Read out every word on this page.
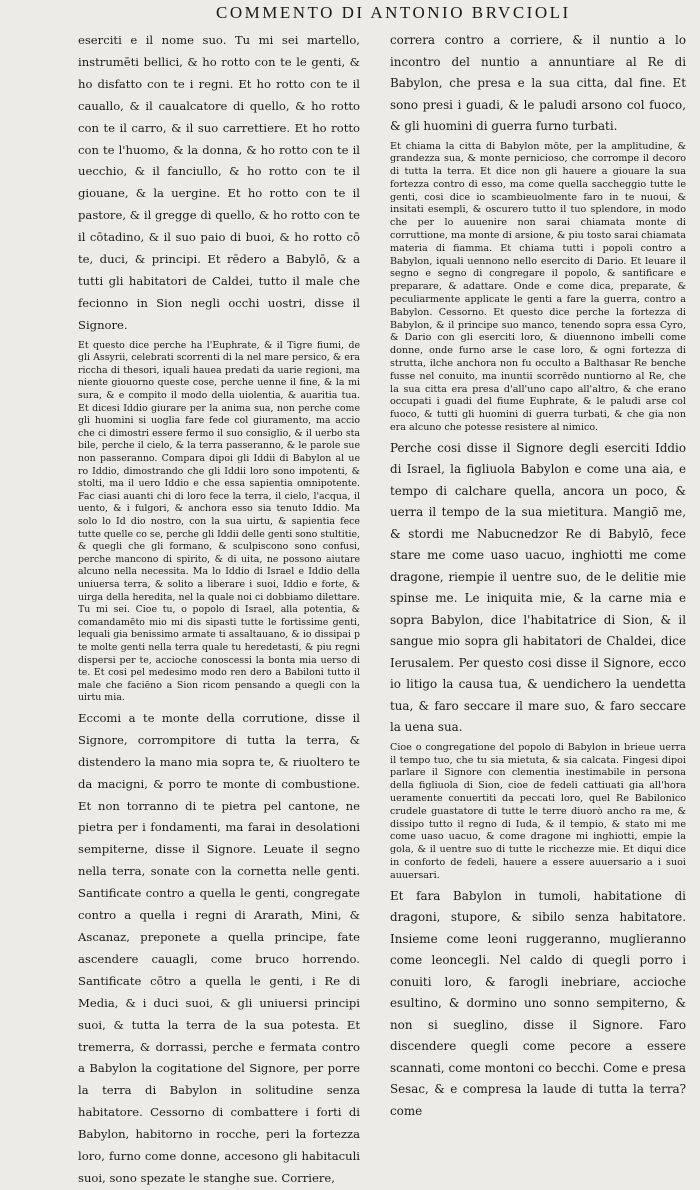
COMMENTO DI ANTONIO BRVCIOLI

eserciti e il nome suo. Tu mi sei martello, instrumēti bellici, & ho rotto con te le genti, & ho disfatto con te i regni. Et ho rotto con te il cauallo, & il caualcatore di quello, & ho rotto con te il carro, & il suo carrettiere. Et ho rotto con te l'huomo, & la donna, & ho rotto con te il uecchio, & il fanciullo, & ho rotto con te il giouane, & la uergine. Et ho rotto con te il pastore, & il gregge di quello, & ho rotto con te il cōtadino, & il suo paio di buoi, & ho rotto cō te, duci, & principi. Et rēdero a Babylō, & a tutti gli habitatori de Caldei, tutto il male che fecionno in Sion negli occhi uostri, disse il Signore.

Et questo dice perche ha l'Euphrate, & il Tigre fiumi, de gli Assyrii, celebrati scorrenti di la nel mare persico, & era riccha di thesori, iquali hauea predati da uarie regioni, ma niente giouorno queste cose, perche uenne il fine, & la mi sura, & e compito il modo della uiolentia, & auaritia tua. Et dicesi Iddio giurare per la anima sua, non perche come gli huomini si uoglia fare fede col giuramento, ma accio che ci dimostri essere fermo il suo consiglio, & il uerbo sta bile, perche il cielo, & la terra passeranno, & le parole sue non passeranno. Compara dipoi gli Iddii di Babylon al ue ro Iddio, dimostrando che gli Iddii loro sono impotenti, & stolti, ma il uero Iddio e che essa sapientia omnipotente. Fac ciasi auanti chi di loro fece la terra, il cielo, l'acqua, il uento, & i fulgori, & anchora esso sia tenuto Iddio. Ma solo lo Id dio nostro, con la sua uirtu, & sapientia fece tutte quelle co se, perche gli Iddii delle genti sono stultitie, & quegli che gli formano, & sculpiscono sono confusi, perche mancono di spirito, & di uita, ne possono aiutare alcuno nella necessita. Ma lo Iddio di Israel e Iddio della uniuersa terra, & solito a liberare i suoi, Iddio e forte, & uirga della heredita, nel la quale noi ci dobbiamo dilettare. Tu mi sei. Cioe tu, o popolo di Israel, alla potentia, & comandamēto mio mi dis sipasti tutte le fortissime genti, lequali gia benissimo armate ti assaltauano, & io dissipai p te molte genti nella terra quale tu heredetasti, & piu regni dispersi per te, accioche conoscessi la bonta mia uerso di te. Et cosi pel medesimo modo ren dero a Babiloni tutto il male che faciēno a Sion ricom pensando a quegli con la uirtu mia.

Eccomi a te monte della corrutione, disse il Signore, corrompitore di tutta la terra, & distendero la mano mia sopra te, & riuoltero te da macigni, & porro te monte di combustione. Et non torranno di te pietra pel cantone, ne pietra per i fondamenti, ma farai in desolationi sempiterne, disse il Signore. Leuate il segno nella terra, sonate con la cornetta nelle genti. Santificate contro a quella le genti, congregate contro a quella i regni di Ararath, Mini, & Ascanaz, preponete a quella principe, fate ascendere cauagli, come bruco horrendo. Santificate cōtro a quella le genti, i Re di Media, & i duci suoi, & gli uniuersi principi suoi, & tutta la terra de la sua potesta. Et tremerra, & dorrassi, perche e fermata contro a Babylon la cogitatione del Signore, per porre la terra di Babylon in solitudine senza habitatore. Cessorno di combattere i forti di Babylon, habitorno in rocche, peri la fortezza loro, furno come donne, accesono gli habitaculi suoi, sono spezate le stanghe sue. Corriere,

correra contro a corriere, & il nuntio a lo incontro del nuntio a annuntiare al Re di Babylon, che presa e la sua citta, dal fine. Et sono presi i guadi, & le paludi arsono col fuoco, & gli huomini di guerra furno turbati.

Et chiama la citta di Babylon mōte, per la amplitudine, & grandezza sua, & monte pernicioso, che corrompe il decoro di tutta la terra. Et dice non gli hauere a giouare la sua fortezza contro di esso, ma come quella saccheggio tutte le genti, cosi dice io scambieuolmente faro in te nuoui, & insitati esempli, & oscurero tutto il tuo splendore, in modo che per lo auuenire non sarai chiamata monte di corruttione, ma monte di arsione, & piu tosto sarai chiamata materia di fiamma. Et chiama tutti i popoli contro a Babylon, iquali uennono nello esercito di Dario. Et leuare il segno e segno di congregare il popolo, & santificare e preparare, & adattare. Onde e come dica, preparate, & peculiarmente applicate le genti a fare la guerra, contro a Babylon. Cessorno. Et questo dice perche la fortezza di Babylon, & il principe suo manco, tenendo sopra essa Cyro, & Dario con gli eserciti loro, & diuennono imbelli come donne, onde furno arse le case loro, & ogni fortezza di strutta, ilche anchora non fu occulto a Balthasar Re benche fusse nel conuito, ma inuntii scorrēdo nuntiorno al Re, che la sua citta era presa d'all'uno capo all'altro, & che erano occupati i guadi del fiume Euphrate, & le paludi arse col fuoco, & tutti gli huomini di guerra turbati, & che gia non era alcuno che potesse resistere al nimico.

Perche cosi disse il Signore degli eserciti Iddio di Israel, la figliuola Babylon e come una aia, e tempo di calchare quella, ancora un poco, & uerra il tempo de la sua mietitura. Mangiō me, & stordi me Nabucnedzor Re di Babylō, fece stare me come uaso uacuo, inghiotti me come dragone, riempie il uentre suo, de le delitie mie spinse me. Le iniquita mie, & la carne mia e sopra Babylon, dice l'habitatrice di Sion, & il sangue mio sopra gli habitatori de Chaldei, dice Ierusalem. Per questo cosi disse il Signore, ecco io litigo la causa tua, & uendichero la uendetta tua, & faro seccare il mare suo, & faro seccare la uena sua.

Cioe o congregatione del popolo di Babylon in brieue uerra il tempo tuo, che tu sia mietuta, & sia calcata. Fingesi dipoi parlare il Signore con clementia inestimabile in persona della figliuola di Sion, cioe de fedeli cattiuati gia all'hora ueramente conuertiti da peccati loro, quel Re Babilonico crudele guastatore di tutte le terre diuorò ancho ra me, & dissipo tutto il regno di Iuda, & il tempio, & stato mi me come uaso uacuo, & come dragone mi inghiotti, empie la gola, & il uentre suo di tutte le ricchezze mie. Et diqui dice in conforto de fedeli, hauere a essere auuersario a i suoi auuersari.

Et fara Babylon in tumoli, habitatione di dragoni, stupore, & sibilo senza habitatore. Insieme come leoni ruggeranno, muglieranno come leoncegli. Nel caldo di quegli porro i conuiti loro, & farogli inebriare, accioche esultino, & dormino uno sonno sempiterno, & non si sueglino, disse il Signore. Faro discendere quegli come pecore a essere scannati, come montoni co becchi. Come e presa Sesac, & e compresa la laude di tutta la terra? come
